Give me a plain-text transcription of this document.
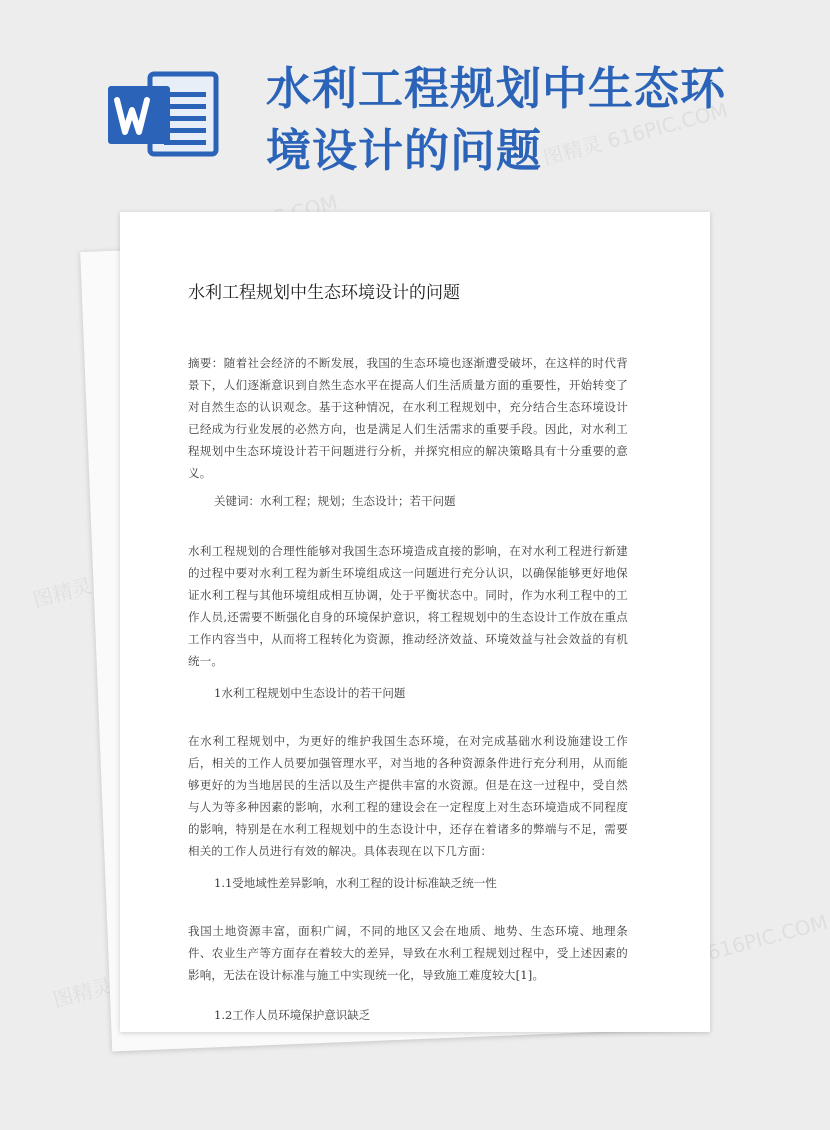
水利工程规划中生态环境设计的问题
图精灵 616PIC.COM
图精灵
图精灵 616PIC.COM
图精灵
水利工程规划中生态环境设计的问题

摘要：随着社会经济的不断发展，我国的生态环境也逐渐遭受破坏，在这样的时代背景下，人们逐渐意识到自然生态水平在提高人们生活质量方面的重要性，开始转变了对自然生态的认识观念。基于这种情况，在水利工程规划中，充分结合生态环境设计已经成为行业发展的必然方向，也是满足人们生活需求的重要手段。因此，对水利工程规划中生态环境设计若干问题进行分析，并探究相应的解决策略具有十分重要的意义。

关键词：水利工程；规划；生态设计；若干问题

水利工程规划的合理性能够对我国生态环境造成直接的影响，在对水利工程进行新建的过程中要对水利工程为新生环境组成这一问题进行充分认识，以确保能够更好地保证水利工程与其他环境组成相互协调，处于平衡状态中。同时，作为水利工程中的工作人员,还需要不断强化自身的环境保护意识，将工程规划中的生态设计工作放在重点工作内容当中，从而将工程转化为资源，推动经济效益、环境效益与社会效益的有机统一。

1水利工程规划中生态设计的若干问题

在水利工程规划中，为更好的维护我国生态环境，在对完成基础水利设施建设工作后，相关的工作人员要加强管理水平，对当地的各种资源条件进行充分利用，从而能够更好的为当地居民的生活以及生产提供丰富的水资源。但是在这一过程中，受自然与人为等多种因素的影响，水利工程的建设会在一定程度上对生态环境造成不同程度的影响，特别是在水利工程规划中的生态设计中，还存在着诸多的弊端与不足，需要相关的工作人员进行有效的解决。具体表现在以下几方面：

1.1受地域性差异影响，水利工程的设计标准缺乏统一性

我国土地资源丰富，面积广阔，不同的地区又会在地质、地势、生态环境、地理条件、农业生产等方面存在着较大的差异，导致在水利工程规划过程中，受上述因素的影响，无法在设计标准与施工中实现统一化，导致施工难度较大[1]。

1.2工作人员环境保护意识缺乏
